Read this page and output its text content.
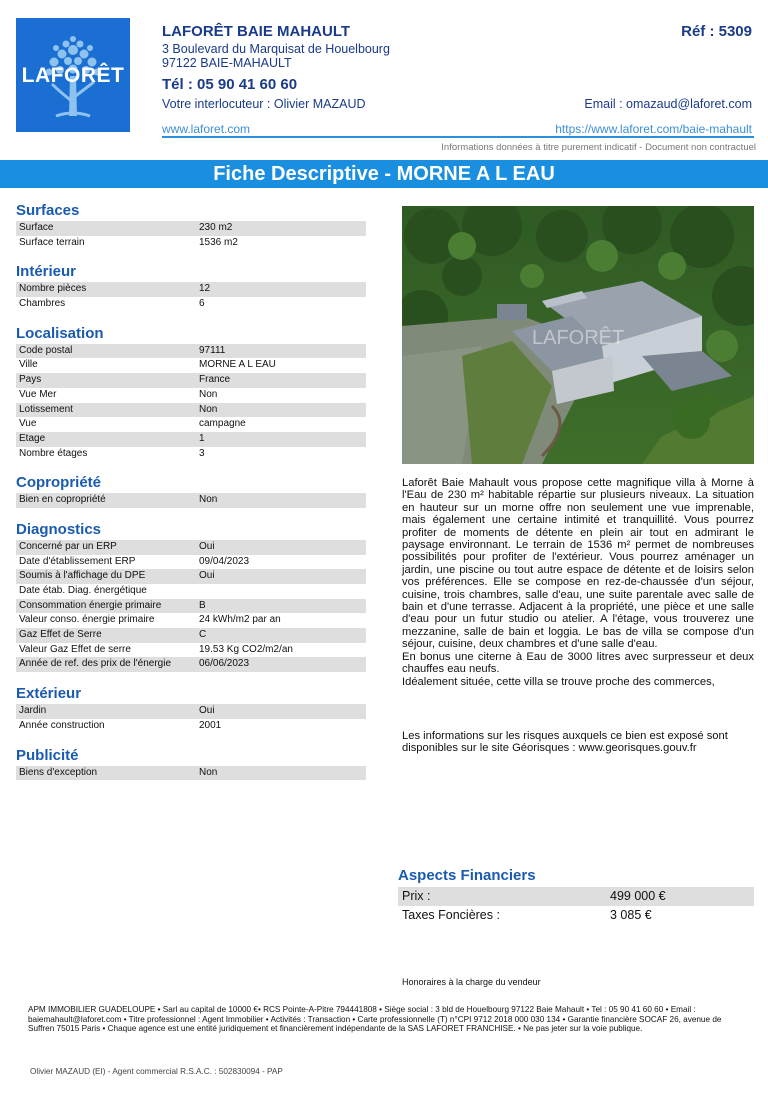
LAFORÊT
LAFORÊT BAIE MAHAULT	Réf : 5309
3 Boulevard du Marquisat de Houelbourg
97122 BAIE-MAHAULT
Tél : 05 90 41 60 60
Votre interlocuteur : Olivier MAZAUD	Email : omazaud@laforet.com
www.laforet.com	https://www.laforet.com/baie-mahault
Informations données à titre purement indicatif - Document non contractuel
Fiche Descriptive - MORNE A L EAU
Surfaces
Surface	230 m2
Surface terrain	1536 m2
Intérieur
Nombre pièces	12
Chambres	6
Localisation
Code postal	97111
Ville	MORNE A L EAU
Pays	France
Vue Mer	Non
Lotissement	Non
Vue	campagne
Etage	1
Nombre étages	3
Copropriété
Bien en copropriété	Non
Diagnostics
Concerné par un ERP	Oui
Date d'établissement ERP	09/04/2023
Soumis à l'affichage du DPE	Oui
Date étab. Diag. énergétique
Consommation énergie primaire	B
Valeur conso. énergie primaire	24 kWh/m2 par an
Gaz Effet de Serre	C
Valeur Gaz Effet de serre	19.53 Kg CO2/m2/an
Année de ref. des prix de l'énergie	06/06/2023
Extérieur
Jardin	Oui
Année construction	2001
Publicité
Biens d'exception	Non
LAFORÊT

Laforêt Baie Mahault vous propose cette magnifique villa à Morne à l'Eau de 230 m² habitable répartie sur plusieurs niveaux. La situation en hauteur sur un morne offre non seulement une vue imprenable, mais également une certaine intimité et tranquillité. Vous pourrez profiter de moments de détente en plein air tout en admirant le paysage environnant. Le terrain de 1536 m² permet de nombreuses possibilités pour profiter de l'extérieur. Vous pourrez aménager un jardin, une piscine ou tout autre espace de détente et de loisirs selon vos préférences. Elle se compose en rez-de-chaussée d'un séjour, cuisine, trois chambres, salle d'eau, une suite parentale avec salle de bain et d'une terrasse. Adjacent à la propriété, une pièce et une salle d'eau pour un futur studio ou atelier. A l'étage, vous trouverez une mezzanine, salle de bain et loggia. Le bas de villa se compose d'un séjour, cuisine, deux chambres et d'une salle d'eau.

En bonus une citerne à Eau de 3000 litres avec surpresseur et deux chauffes eau neufs.

Idéalement située, cette villa se trouve proche des commerces,

Les informations sur les risques auxquels ce bien est exposé sont disponibles sur le site Géorisques : www.georisques.gouv.fr
Aspects Financiers
Prix :	499 000 €
Taxes Foncières :	3 085 €
Honoraires à la charge du vendeur
APM IMMOBILIER GUADELOUPE • Sarl au capital de 10000 €• RCS Pointe-A-Pitre 794441808 • Siège social : 3 bld de Houelbourg 97122 Baie Mahault • Tel : 05 90 41 60 60 • Email : baiemahault@laforet.com • Titre professionnel : Agent Immobilier • Activités : Transaction • Carte professionnelle (T) n°CPI 9712 2018 000 030 134 • Garantie financière SOCAF 26, avenue de Suffren 75015 Paris • Chaque agence est une entité juridiquement et financièrement indépendante de la SAS LAFORET FRANCHISE. • Ne pas jeter sur la voie publique.
Olivier MAZAUD (EI) - Agent commercial R.S.A.C. : 502830094 - PAP
